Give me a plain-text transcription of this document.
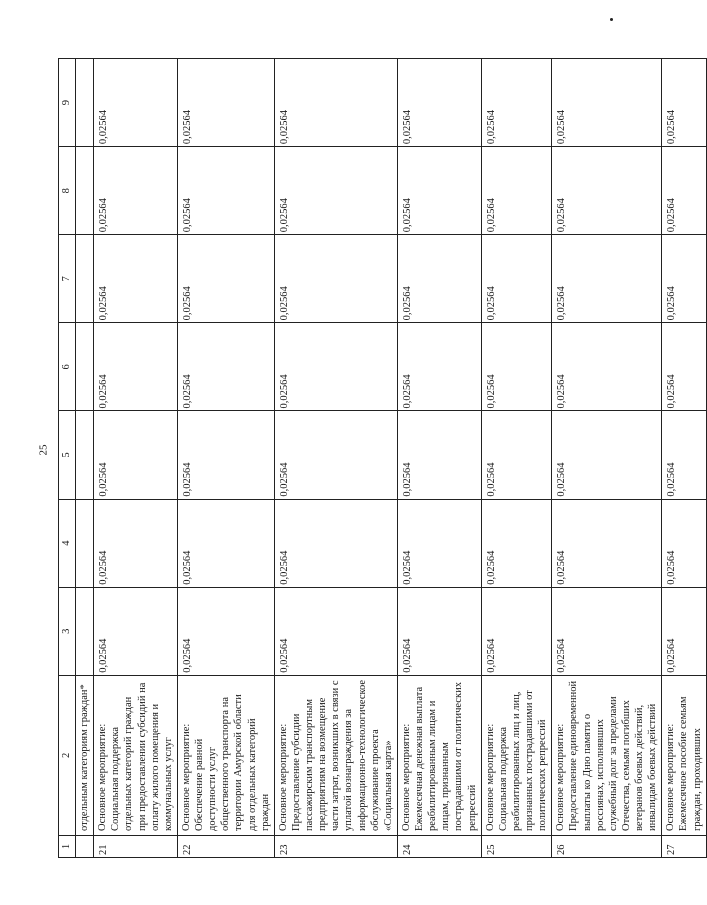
25
1	2	3	4	5	6	7	8	9
	отдельным категориям граждан*							
21	Основное мероприятие: Социальная поддержка отдельных категорий граждан при предоставлении субсидий на оплату жилого помещения и коммунальных услуг	0,02564	0,02564	0,02564	0,02564	0,02564	0,02564	0,02564
22	Основное мероприятие: Обеспечение равной доступности услуг общественного транспорта на территории Амурской области для отдельных категорий граждан	0,02564	0,02564	0,02564	0,02564	0,02564	0,02564	0,02564
23	Основное мероприятие: Предоставление субсидии пассажирским транспортным предприятиям на возмещение части затрат, возникших в связи с уплатой вознаграждения за информационно-технологическое обслуживание проекта «Социальная карта»	0,02564	0,02564	0,02564	0,02564	0,02564	0,02564	0,02564
24	Основное мероприятие: Ежемесячная денежная выплата реабилитированным лицам и лицам, признанным пострадавшими от политических репрессий	0,02564	0,02564	0,02564	0,02564	0,02564	0,02564	0,02564
25	Основное мероприятие: Социальная поддержка реабилитированных лиц и лиц, признанных пострадавшими от политических репрессий	0,02564	0,02564	0,02564	0,02564	0,02564	0,02564	0,02564
26	Основное мероприятие: Предоставление единовременной выплаты ко Дню памяти о россиянах, исполнявших служебный долг за пределами Отечества, семьям погибших ветеранов боевых действий, инвалидам боевых действий	0,02564	0,02564	0,02564	0,02564	0,02564	0,02564	0,02564
27	Основное мероприятие: Ежемесячное пособие семьям граждан, проходивших	0,02564	0,02564	0,02564	0,02564	0,02564	0,02564	0,02564
